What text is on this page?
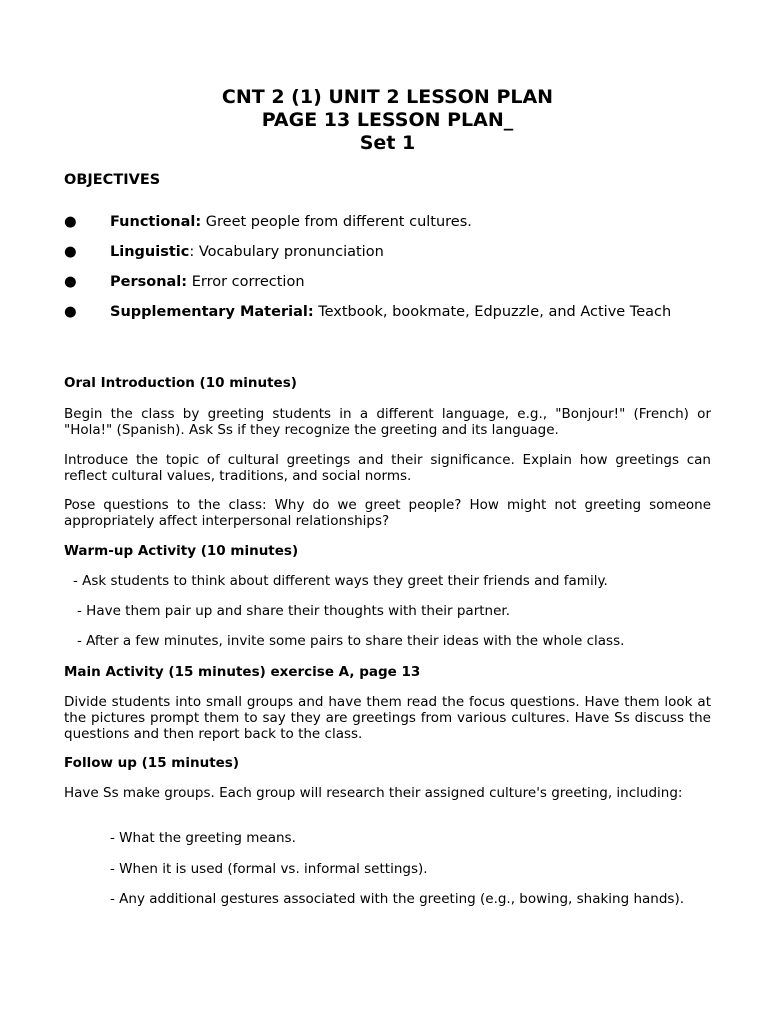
CNT 2 (1) UNIT 2 LESSON PLAN

PAGE 13 LESSON PLAN_

Set 1

OBJECTIVES

● Functional: Greet people from different cultures.
● Linguistic: Vocabulary pronunciation
● Personal: Error correction
● Supplementary Material: Textbook, bookmate, Edpuzzle, and Active Teach

Oral Introduction (10 minutes)

Begin the class by greeting students in a different language, e.g., "Bonjour!" (French) or "Hola!" (Spanish). Ask Ss if they recognize the greeting and its language.

Introduce the topic of cultural greetings and their significance. Explain how greetings can reflect cultural values, traditions, and social norms.

Pose questions to the class: Why do we greet people? How might not greeting someone appropriately affect interpersonal relationships?

Warm-up Activity (10 minutes)

- Ask students to think about different ways they greet their friends and family.

- Have them pair up and share their thoughts with their partner.

- After a few minutes, invite some pairs to share their ideas with the whole class.

Main Activity (15 minutes) exercise A, page 13

Divide students into small groups and have them read the focus questions. Have them look at the pictures prompt them to say they are greetings from various cultures. Have Ss discuss the questions and then report back to the class.

Follow up (15 minutes)

Have Ss make groups. Each group will research their assigned culture's greeting, including:

- What the greeting means.

- When it is used (formal vs. informal settings).

- Any additional gestures associated with the greeting (e.g., bowing, shaking hands).
